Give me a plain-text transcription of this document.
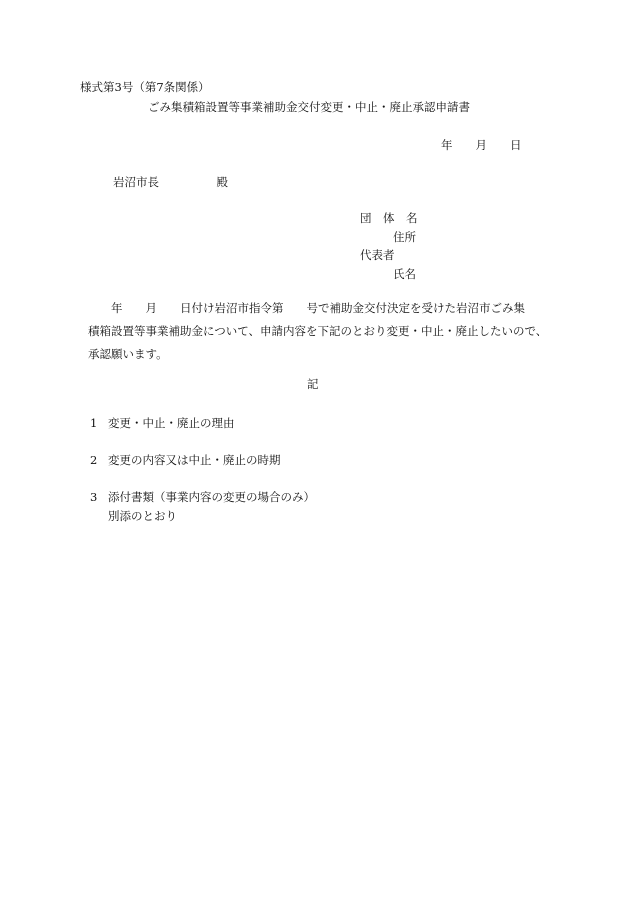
様式第3号（第7条関係）
ごみ集積箱設置等事業補助金交付変更・中止・廃止承認申請書
年　　月　　日
岩沼市長　　　　　殿
団　体　名
住所
代表者
氏名
　　年　　月　　日付け岩沼市指令第　　号で補助金交付決定を受けた岩沼市ごみ集
積箱設置等事業補助金について、申請内容を下記のとおり変更・中止・廃止したいので、
承認願います。
記
1 変更・中止・廃止の理由
2 変更の内容又は中止・廃止の時期
3 添付書類（事業内容の変更の場合のみ）
別添のとおり
